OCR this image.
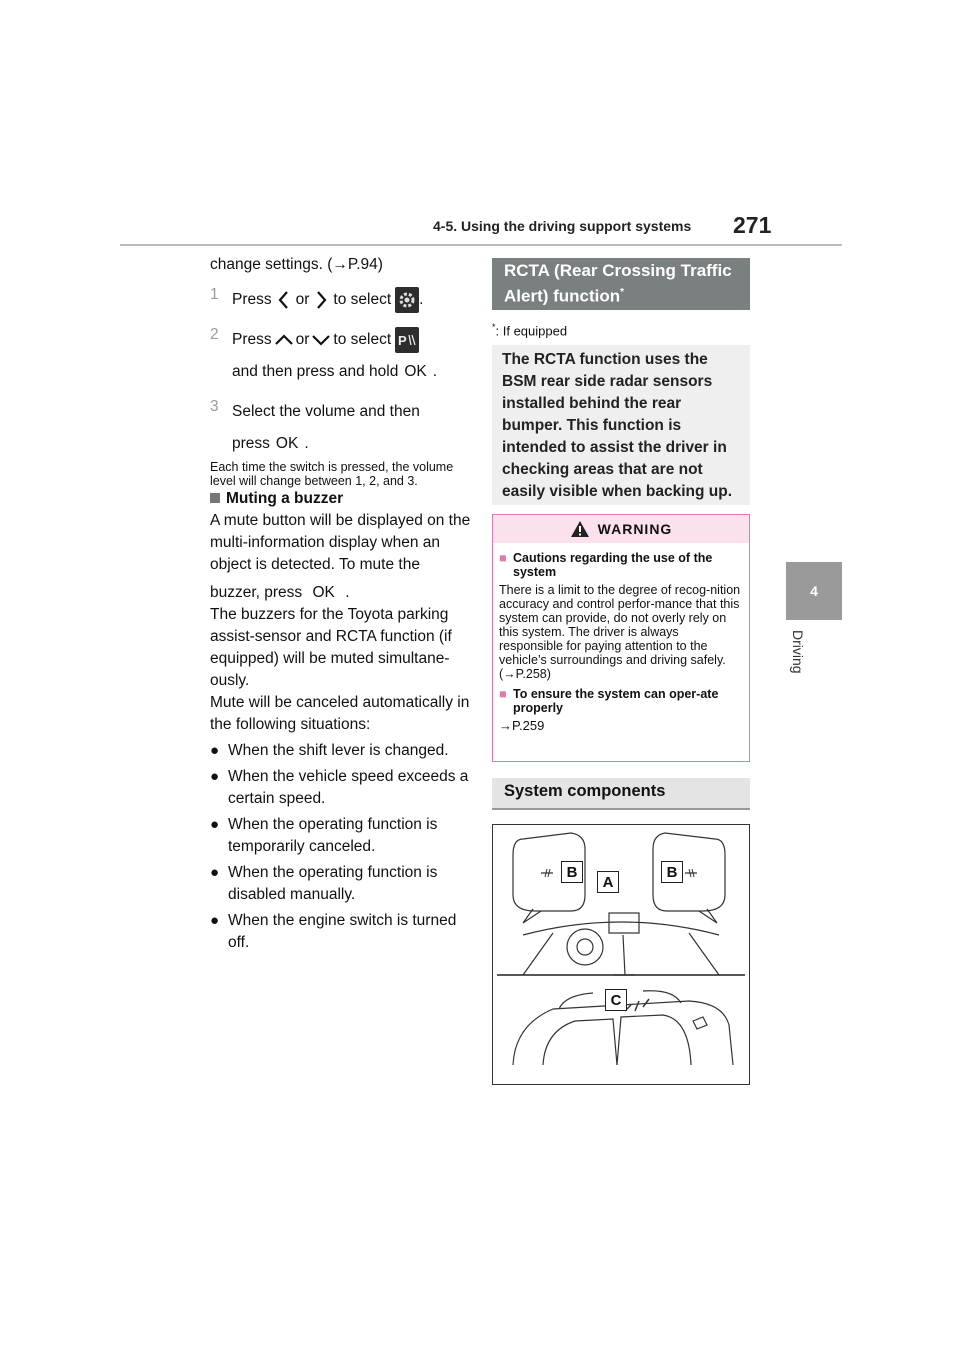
4-5. Using the driving support systems 271
4
Driving

change settings. (→P.94)

1 Press or to select .
2 Press or to select P
and then press and hold OK .
3 Select the volume and then
press OK .

Each time the switch is pressed, the volume level will change between 1, 2, and 3.

Muting a buzzer

A mute button will be displayed on the multi-information display when an object is detected. To mute the

buzzer, press OK .

The buzzers for the Toyota parking assist-sensor and RCTA function (if equipped) will be muted simultane-ously.

Mute will be canceled automatically in the following situations:

● When the shift lever is changed.
● When the vehicle speed exceeds a certain speed.
● When the operating function is temporarily canceled.
● When the operating function is disabled manually.
● When the engine switch is turned off.
RCTA (Rear Crossing Traffic Alert) function*
*: If equipped
The RCTA function uses the BSM rear side radar sensors installed behind the rear bumper. This function is intended to assist the driver in checking areas that are not easily visible when backing up.
WARNING
■ Cautions regarding the use of the system
There is a limit to the degree of recog-nition accuracy and control perfor-mance that this system can provide, do not overly rely on this system. The driver is always responsible for paying attention to the vehicle’s surroundings and driving safely. (→P.258)
■ To ensure the system can oper-ate properly
→P.259
System components
B
A
B
C
